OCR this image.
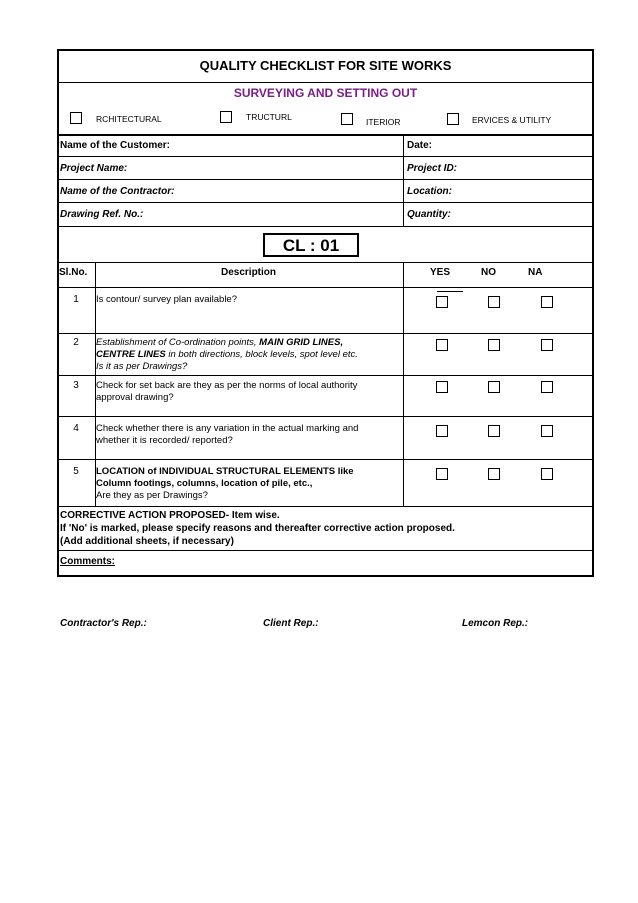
QUALITY CHECKLIST FOR SITE WORKS
SURVEYING AND SETTING OUT
RCHITECTURAL	TRUCTURL	ITERIOR	ERVICES & UTILITY
Name of the Customer:	Date:
Project Name:	Project ID:
Name of the Contractor:	Location:
Drawing Ref. No.:	Quantity:
CL : 01
Sl.No.	Description	YES	NO	NA
1	Is contour/ survey plan available?
2	Establishment of Co-ordination points, MAIN GRID LINES,
CENTRE LINES in both directions, block levels, spot level etc.
Is it as per Drawings?
3	Check for set back are they as per the norms of local authority
approval drawing?
4	Check whether there is any variation in the actual marking and
whether it is recorded/ reported?
5	LOCATION of INDIVIDUAL STRUCTURAL ELEMENTS like
Column footings, columns, location of pile, etc.,
Are they as per Drawings?
CORRECTIVE ACTION PROPOSED- Item wise.
If 'No' is marked, please specify reasons and thereafter corrective action proposed.
(Add additional sheets, if necessary)
Comments:
Contractor's Rep.:	Client Rep.:	Lemcon Rep.:
